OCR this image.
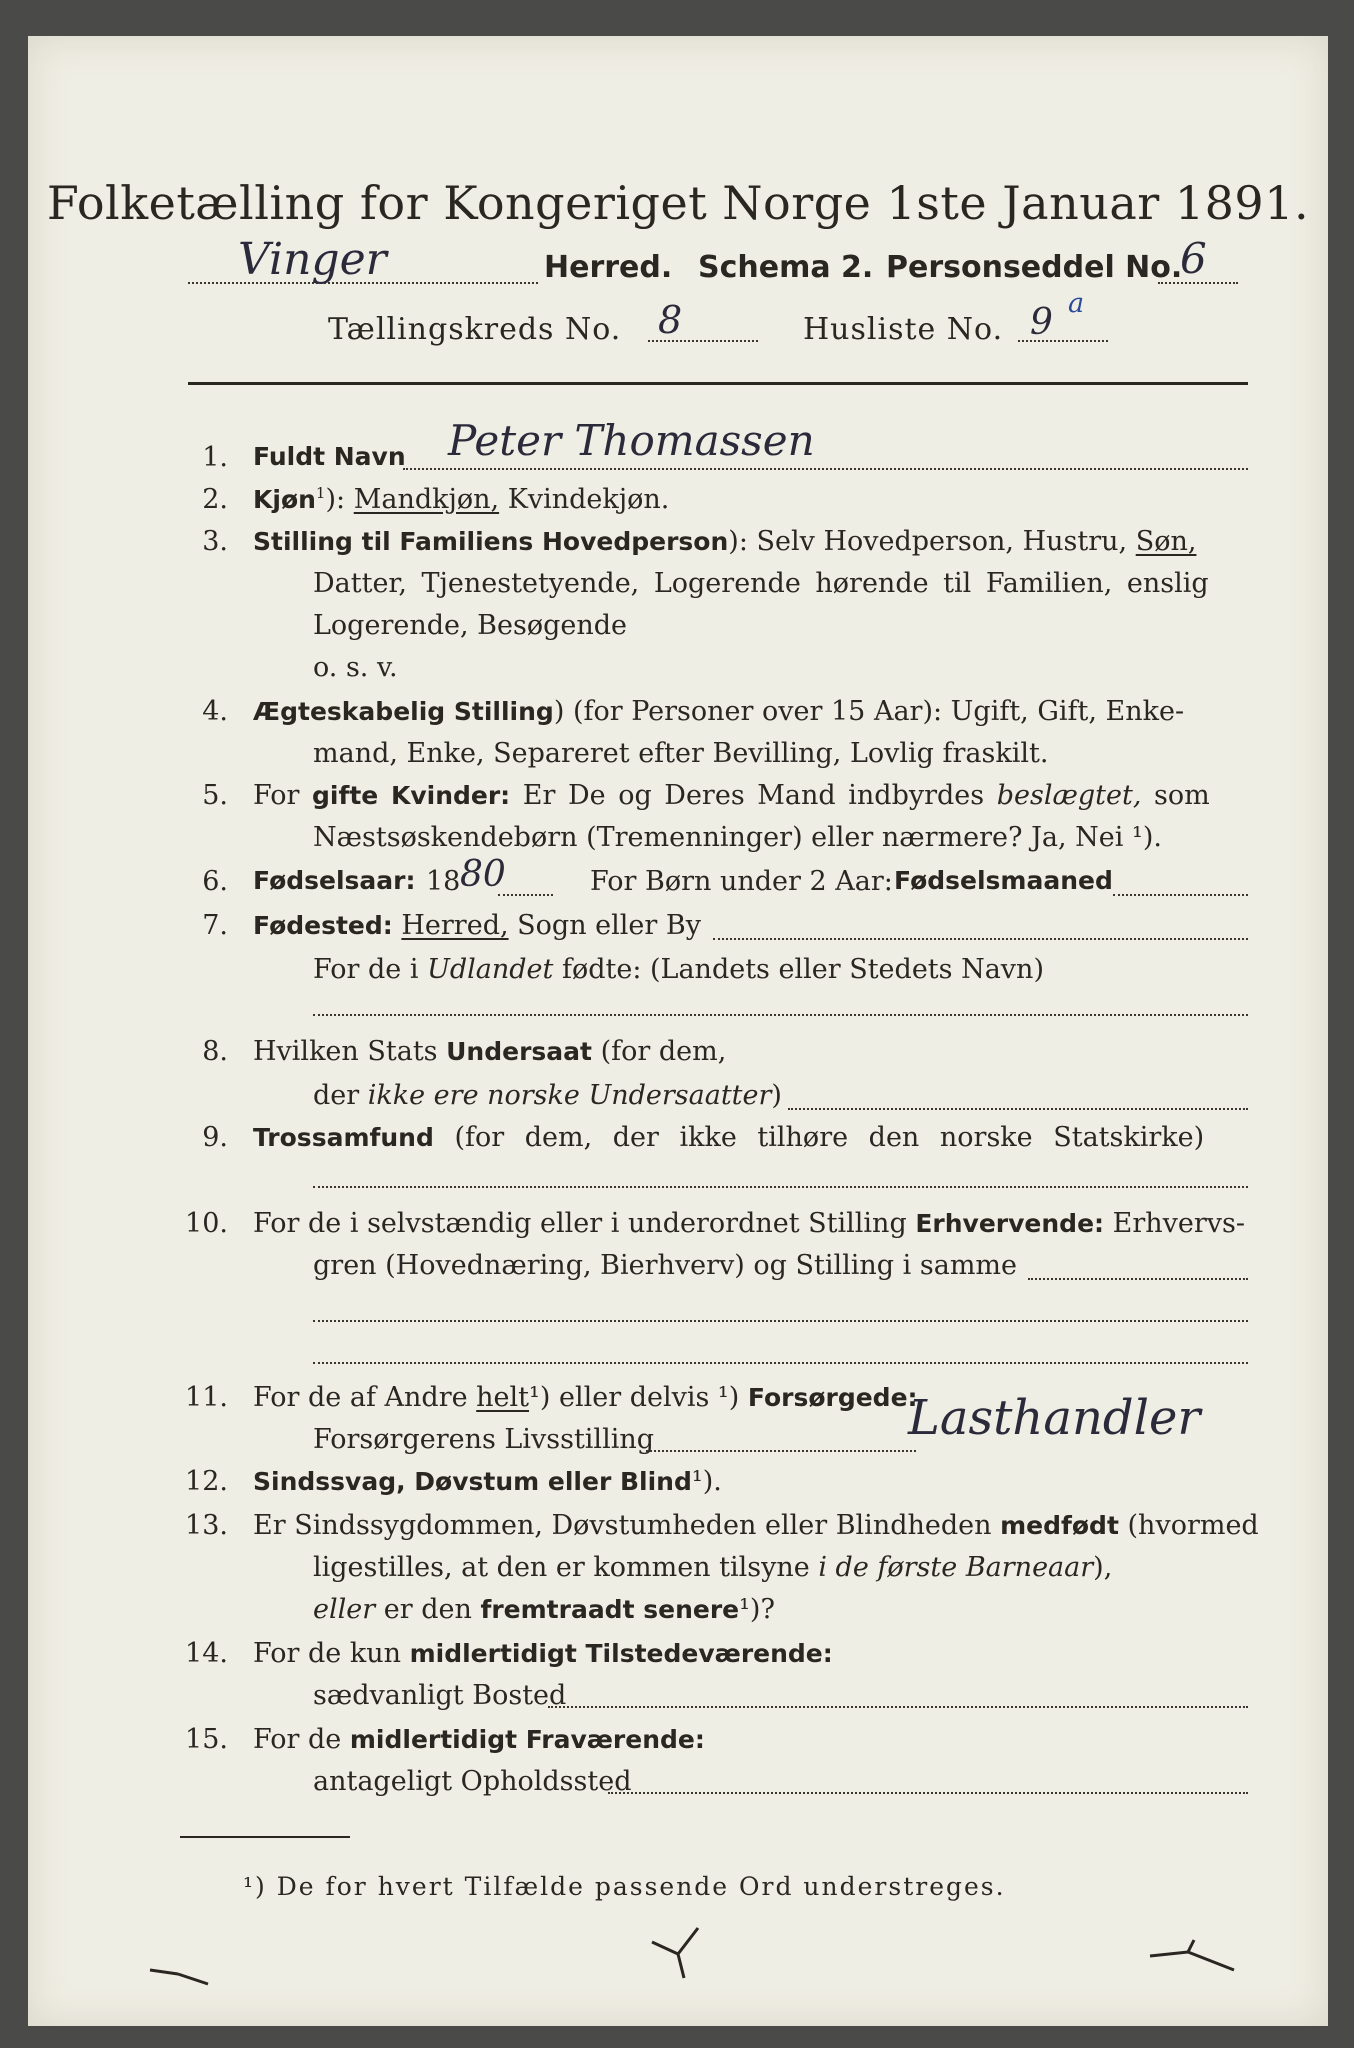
Folketælling for Kongeriget Norge 1ste Januar 1891.
Vinger	Herred. Schema 2. Personseddel No.
6
Tællingskreds No. 8	Husliste No. 9 a
1. Fuldt Navn Peter Thomassen
2. Kjøn$^1$): Mandkjøn, Kvindekjøn.
3. Stilling til Familiens Hovedperson): Selv Hovedperson, Hustru, Søn,
Datter, Tjenestetyende, Logerende hørende til Familien, enslig
Logerende, Besøgende
o. s. v.
4. Ægteskabelig Stilling) (for Personer over 15 Aar): Ugift, Gift, Enke-
mand, Enke, Separeret efter Bevilling, Lovlig fraskilt.
5. For gifte Kvinder: Er De og Deres Mand indbyrdes beslægtet, som
Næstsøskendebørn (Tremenninger) eller nærmere? Ja, Nei ¹).
6. Fødselsaar: 18 80	For Børn under 2 Aar: Fødselsmaaned
7. Fødested: Herred, Sogn eller By
For de i Udlandet fødte: (Landets eller Stedets Navn)
8. Hvilken Stats Undersaat (for dem,
der ikke ere norske Undersaatter)
9. Trossamfund (for dem, der ikke tilhøre den norske Statskirke)
10. For de i selvstændig eller i underordnet Stilling Erhvervende: Erhvervs-
gren (Hovednæring, Bierhverv) og Stilling i samme
11. For de af Andre helt¹) eller delvis ¹) Forsørgede:
Forsørgerens Livsstilling	Lasthandler
12. Sindssvag, Døvstum eller Blind¹).
13. Er Sindssygdommen, Døvstumheden eller Blindheden medfødt (hvormed
ligestilles, at den er kommen tilsyne i de første Barneaar),
eller er den fremtraadt senere¹)?
14. For de kun midlertidigt Tilstedeværende:
sædvanligt Bosted
15. For de midlertidigt Fraværende:
antageligt Opholdssted
¹) De for hvert Tilfælde passende Ord understreges.
